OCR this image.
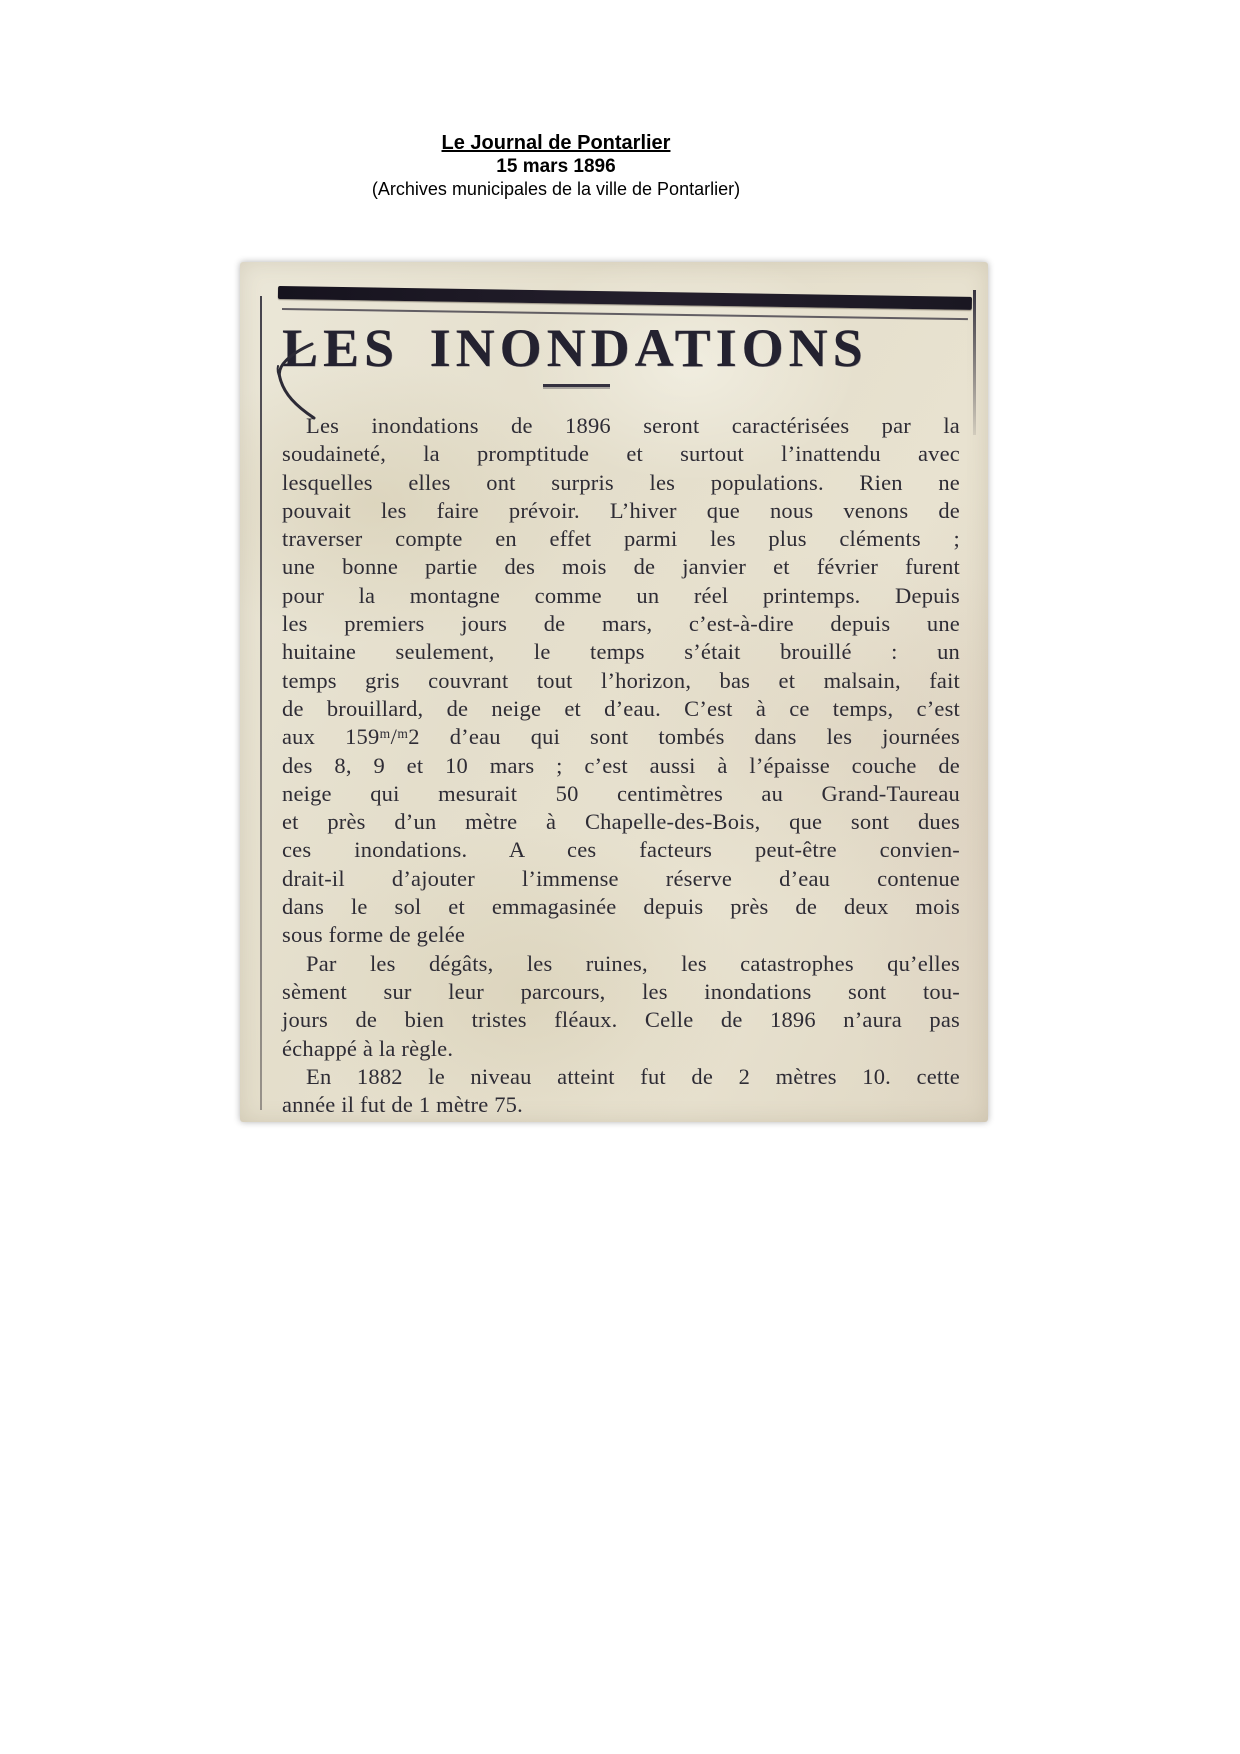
Le Journal de Pontarlier
15 mars 1896
(Archives municipales de la ville de Pontarlier)
LES INONDATIONS
Les inondations de 1896 seront caractérisées par la
soudaineté, la promptitude et surtout l’inattendu avec
lesquelles elles ont surpris les populations. Rien ne
pouvait les faire prévoir. L’hiver que nous venons de
traverser compte en effet parmi les plus cléments ;
une bonne partie des mois de janvier et février furent
pour la montagne comme un réel printemps. Depuis
les premiers jours de mars, c’est-à-dire depuis une
huitaine seulement, le temps s’était brouillé : un
temps gris couvrant tout l’horizon, bas et malsain, fait
de brouillard, de neige et d’eau. C’est à ce temps, c’est
aux 159ᵐ/ᵐ2 d’eau qui sont tombés dans les journées
des 8, 9 et 10 mars ; c’est aussi à l’épaisse couche de
neige qui mesurait 50 centimètres au Grand-Taureau
et près d’un mètre à Chapelle-des-Bois, que sont dues
ces inondations. A ces facteurs peut-être convien-
drait-il d’ajouter l’immense réserve d’eau contenue
dans le sol et emmagasinée depuis près de deux mois
sous forme de gelée
Par les dégâts, les ruines, les catastrophes qu’elles
sèment sur leur parcours, les inondations sont tou-
jours de bien tristes fléaux. Celle de 1896 n’aura pas
échappé à la règle.
En 1882 le niveau atteint fut de 2 mètres 10. cette
année il fut de 1 mètre 75.
